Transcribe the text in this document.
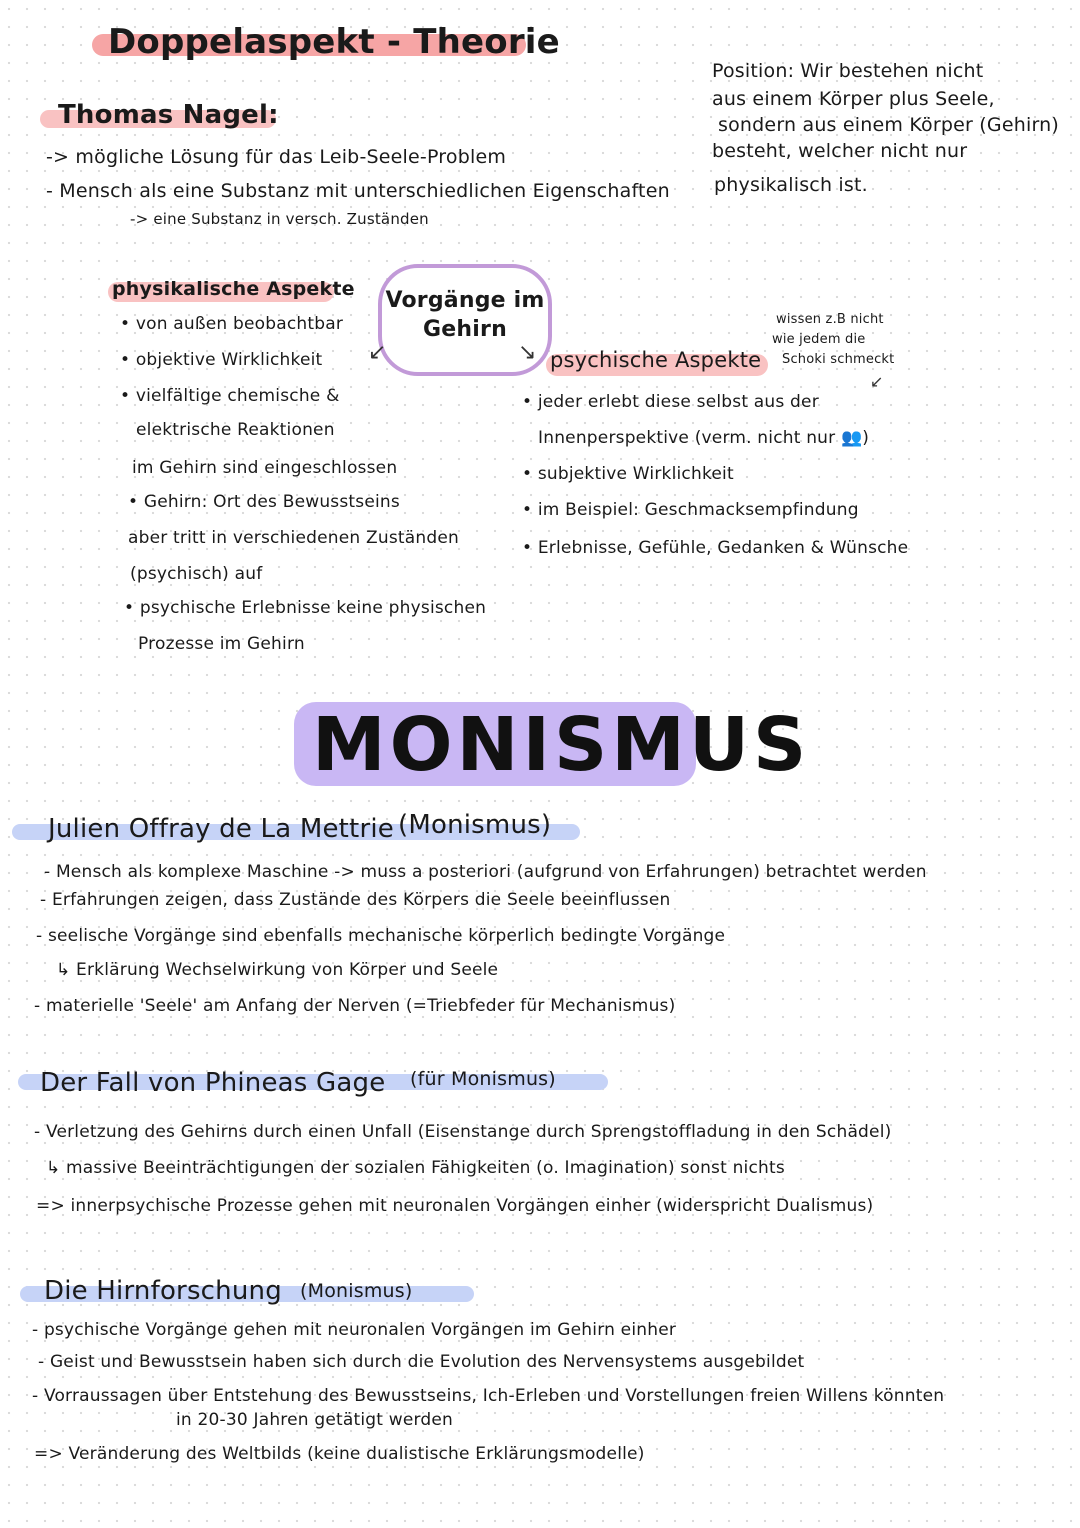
Doppelaspekt - Theorie
Thomas Nagel:
-> mögliche Lösung für das Leib-Seele-Problem
- Mensch als eine Substanz mit unterschiedlichen Eigenschaften
-> eine Substanz in versch. Zuständen
Position: Wir bestehen nicht
aus einem Körper plus Seele,
sondern aus einem Körper (Gehirn)
besteht, welcher nicht nur
physikalisch ist.
physikalische Aspekte
• von außen beobachtbar
• objektive Wirklichkeit
• vielfältige chemische &
elektrische Reaktionen
im Gehirn sind eingeschlossen
• Gehirn: Ort des Bewusstseins
aber tritt in verschiedenen Zuständen
(psychisch) auf
• psychische Erlebnisse keine physischen
Prozesse im Gehirn
Vorgänge im
Gehirn
↙	↘ psychische Aspekte
wissen z.B nicht
wie jedem die
Schoki schmeckt
↙
• jeder erlebt diese selbst aus der
Innenperspektive (verm. nicht nur 👥)
• subjektive Wirklichkeit
• im Beispiel: Geschmacksempfindung
• Erlebnisse, Gefühle, Gedanken & Wünsche
MONISMUS
Julien Offray de La Mettrie (Monismus)
- Mensch als komplexe Maschine -> muss a posteriori (aufgrund von Erfahrungen) betrachtet werden
- Erfahrungen zeigen, dass Zustände des Körpers die Seele beeinflussen
- seelische Vorgänge sind ebenfalls mechanische körperlich bedingte Vorgänge
↳ Erklärung Wechselwirkung von Körper und Seele
- materielle 'Seele' am Anfang der Nerven (=Triebfeder für Mechanismus)
Der Fall von Phineas Gage (für Monismus)
- Verletzung des Gehirns durch einen Unfall (Eisenstange durch Sprengstoffladung in den Schädel)
↳ massive Beeinträchtigungen der sozialen Fähigkeiten (o. Imagination) sonst nichts
=> innerpsychische Prozesse gehen mit neuronalen Vorgängen einher (widerspricht Dualismus)
Die Hirnforschung (Monismus)
- psychische Vorgänge gehen mit neuronalen Vorgängen im Gehirn einher
- Geist und Bewusstsein haben sich durch die Evolution des Nervensystems ausgebildet
- Vorraussagen über Entstehung des Bewusstseins, Ich-Erleben und Vorstellungen freien Willens könnten
in 20-30 Jahren getätigt werden
=> Veränderung des Weltbilds (keine dualistische Erklärungsmodelle)
